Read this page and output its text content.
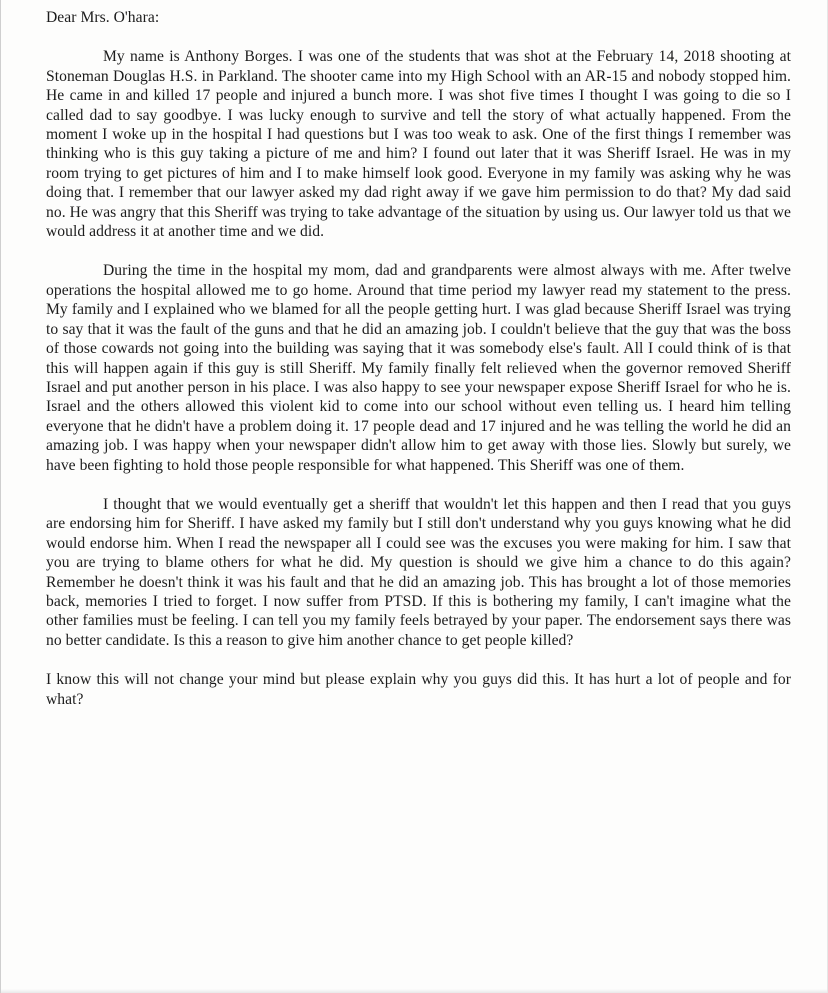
Dear Mrs. O'hara:

My name is Anthony Borges. I was one of the students that was shot at the February 14, 2018 shooting at Stoneman Douglas H.S. in Parkland. The shooter came into my High School with an AR-15 and nobody stopped him. He came in and killed 17 people and injured a bunch more. I was shot five times I thought I was going to die so I called dad to say goodbye. I was lucky enough to survive and tell the story of what actually happened. From the moment I woke up in the hospital I had questions but I was too weak to ask. One of the first things I remember was thinking who is this guy taking a picture of me and him? I found out later that it was Sheriff Israel. He was in my room trying to get pictures of him and I to make himself look good. Everyone in my family was asking why he was doing that. I remember that our lawyer asked my dad right away if we gave him permission to do that? My dad said no. He was angry that this Sheriff was trying to take advantage of the situation by using us. Our lawyer told us that we would address it at another time and we did.

During the time in the hospital my mom, dad and grandparents were almost always with me. After twelve operations the hospital allowed me to go home. Around that time period my lawyer read my statement to the press. My family and I explained who we blamed for all the people getting hurt. I was glad because Sheriff Israel was trying to say that it was the fault of the guns and that he did an amazing job. I couldn't believe that the guy that was the boss of those cowards not going into the building was saying that it was somebody else's fault. All I could think of is that this will happen again if this guy is still Sheriff. My family finally felt relieved when the governor removed Sheriff Israel and put another person in his place. I was also happy to see your newspaper expose Sheriff Israel for who he is. Israel and the others allowed this violent kid to come into our school without even telling us. I heard him telling everyone that he didn't have a problem doing it. 17 people dead and 17 injured and he was telling the world he did an amazing job. I was happy when your newspaper didn't allow him to get away with those lies. Slowly but surely, we have been fighting to hold those people responsible for what happened. This Sheriff was one of them.

I thought that we would eventually get a sheriff that wouldn't let this happen and then I read that you guys are endorsing him for Sheriff. I have asked my family but I still don't understand why you guys knowing what he did would endorse him. When I read the newspaper all I could see was the excuses you were making for him. I saw that you are trying to blame others for what he did. My question is should we give him a chance to do this again? Remember he doesn't think it was his fault and that he did an amazing job. This has brought a lot of those memories back, memories I tried to forget. I now suffer from PTSD. If this is bothering my family, I can't imagine what the other families must be feeling. I can tell you my family feels betrayed by your paper. The endorsement says there was no better candidate. Is this a reason to give him another chance to get people killed?

I know this will not change your mind but please explain why you guys did this. It has hurt a lot of people and for what?
